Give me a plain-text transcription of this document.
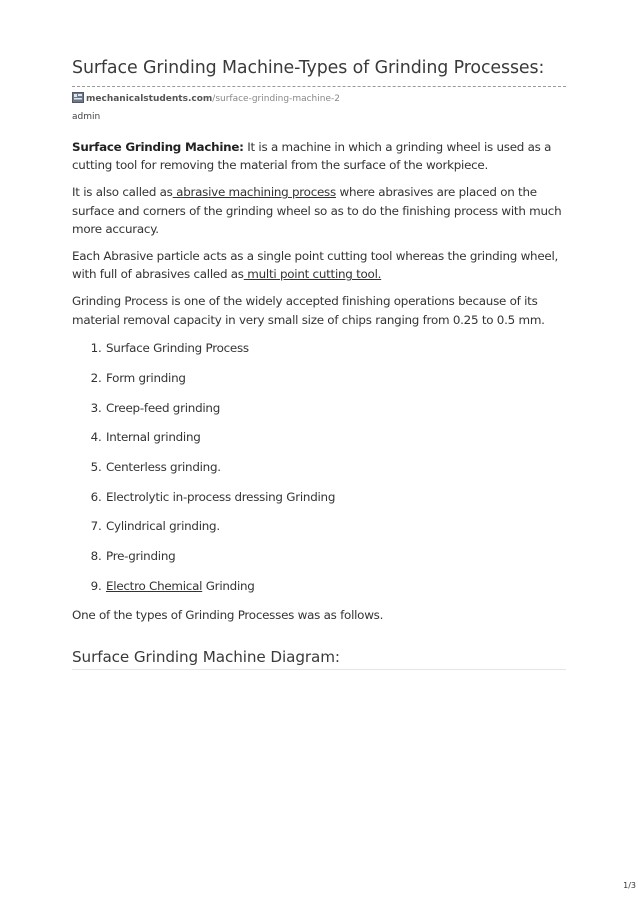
Surface Grinding Machine-Types of Grinding Processes:
mechanicalstudents.com/surface-grinding-machine-2
admin

Surface Grinding Machine: It is a machine in which a grinding wheel is used as a cutting tool for removing the material from the surface of the workpiece.

It is also called as abrasive machining process where abrasives are placed on the surface and corners of the grinding wheel so as to do the finishing process with much more accuracy.

Each Abrasive particle acts as a single point cutting tool whereas the grinding wheel, with full of abrasives called as multi point cutting tool.

Grinding Process is one of the widely accepted finishing operations because of its material removal capacity in very small size of chips ranging from 0.25 to 0.5 mm.

1. Surface Grinding Process
2. Form grinding
3. Creep-feed grinding
4. Internal grinding
5. Centerless grinding.
6. Electrolytic in-process dressing Grinding
7. Cylindrical grinding.
8. Pre-grinding
9. Electro Chemical Grinding

One of the types of Grinding Processes was as follows.

Surface Grinding Machine Diagram:
1/3
